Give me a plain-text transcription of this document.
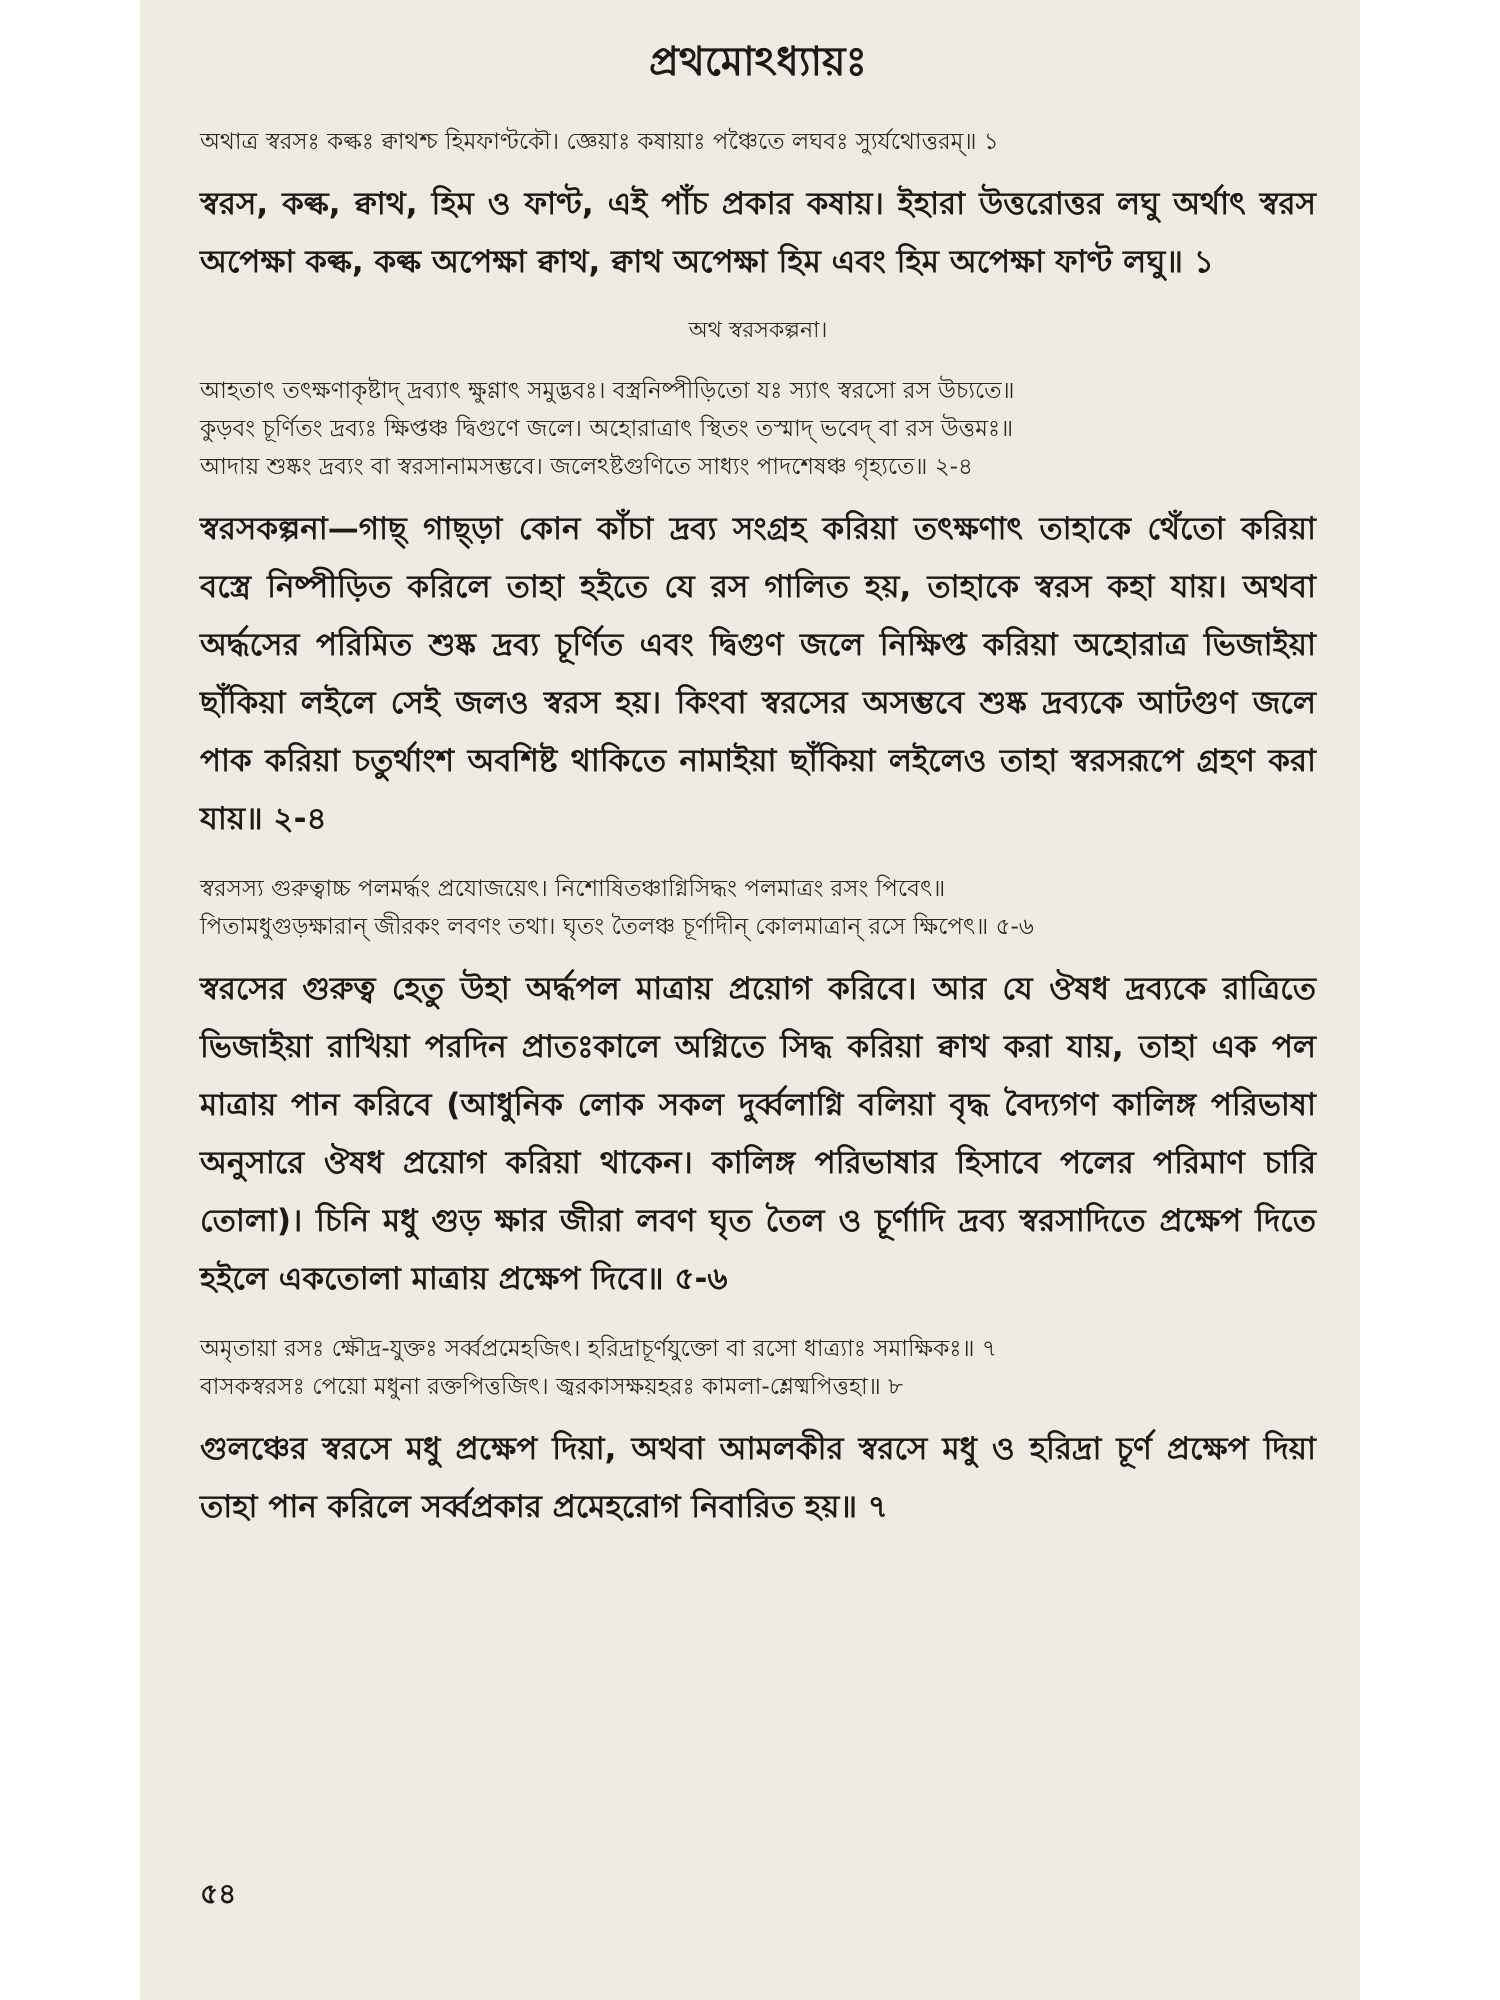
প্রথমোঽধ্যায়ঃ
অথাত্র স্বরসঃ কল্কঃ ক্বাথশ্চ হিমফাণ্টকৌ। জ্ঞেয়াঃ কষায়াঃ পঞ্চৈতে লঘবঃ স্যুর্যথোত্তরম্॥ ১
স্বরস, কল্ক, ক্বাথ, হিম ও ফাণ্ট, এই পাঁচ প্রকার কষায়। ইহারা উত্তরোত্তর লঘু অর্থাৎ স্বরস অপেক্ষা কল্ক, কল্ক অপেক্ষা ক্বাথ, ক্বাথ অপেক্ষা হিম এবং হিম অপেক্ষা ফাণ্ট লঘু॥ ১
অথ স্বরসকল্পনা।
আহতাৎ তৎক্ষণাকৃষ্টাদ্ দ্রব্যাৎ ক্ষুণ্ণাৎ সমুদ্ভবঃ। বস্ত্রনিষ্পীড়িতো যঃ স্যাৎ স্বরসো রস উচ্যতে॥
কুড়বং চূর্ণিতং দ্রব্যঃ ক্ষিপ্তঞ্চ দ্বিগুণে জলে। অহোরাত্রাৎ স্থিতং তস্মাদ্ ভবেদ্ বা রস উত্তমঃ॥
আদায় শুষ্কং দ্রব্যং বা স্বরসানামসম্ভবে। জলেঽষ্টগুণিতে সাধ্যং পাদশেষঞ্চ গৃহ্যতে॥ ২-৪
স্বরসকল্পনা—গাছ্ গাছ্ড়া কোন কাঁচা দ্রব্য সংগ্রহ করিয়া তৎক্ষণাৎ তাহাকে থেঁতো করিয়া বস্ত্রে নিষ্পীড়িত করিলে তাহা হইতে যে রস গালিত হয়, তাহাকে স্বরস কহা যায়। অথবা অর্দ্ধসের পরিমিত শুষ্ক দ্রব্য চূর্ণিত এবং দ্বিগুণ জলে নিক্ষিপ্ত করিয়া অহোরাত্র ভিজাইয়া ছাঁকিয়া লইলে সেই জলও স্বরস হয়। কিংবা স্বরসের অসম্ভবে শুষ্ক দ্রব্যকে আটগুণ জলে পাক করিয়া চতুর্থাংশ অবশিষ্ট থাকিতে নামাইয়া ছাঁকিয়া লইলেও তাহা স্বরসরূপে গ্রহণ করা যায়॥ ২-৪
স্বরসস্য গুরুত্বাচ্চ পলমর্দ্ধং প্রযোজয়েৎ। নিশোষিতঞ্চাগ্নিসিদ্ধং পলমাত্রং রসং পিবেৎ॥
পিতামধুগুড়ক্ষারান্ জীরকং লবণং তথা। ঘৃতং তৈলঞ্চ চূর্ণাদীন্ কোলমাত্রান্ রসে ক্ষিপেৎ॥ ৫-৬
স্বরসের গুরুত্ব হেতু উহা অর্দ্ধপল মাত্রায় প্রয়োগ করিবে। আর যে ঔষধ দ্রব্যকে রাত্রিতে ভিজাইয়া রাখিয়া পরদিন প্রাতঃকালে অগ্নিতে সিদ্ধ করিয়া ক্বাথ করা যায়, তাহা এক পল মাত্রায় পান করিবে (আধুনিক লোক সকল দুর্ব্বলাগ্নি বলিয়া বৃদ্ধ বৈদ্যগণ কালিঙ্গ পরিভাষা অনুসারে ঔষধ প্রয়োগ করিয়া থাকেন। কালিঙ্গ পরিভাষার হিসাবে পলের পরিমাণ চারি তোলা)। চিনি মধু গুড় ক্ষার জীরা লবণ ঘৃত তৈল ও চূর্ণাদি দ্রব্য স্বরসাদিতে প্রক্ষেপ দিতে হইলে একতোলা মাত্রায় প্রক্ষেপ দিবে॥ ৫-৬
অমৃতায়া রসঃ ক্ষৌদ্র-যুক্তঃ সর্ব্বপ্রমেহজিৎ। হরিদ্রাচূর্ণযুক্তো বা রসো ধাত্র্যাঃ সমাক্ষিকঃ॥ ৭
বাসকস্বরসঃ পেয়ো মধুনা রক্তপিত্তজিৎ। জ্বরকাসক্ষয়হরঃ কামলা-শ্লেষ্মপিত্তহা॥ ৮
গুলঞ্চের স্বরসে মধু প্রক্ষেপ দিয়া, অথবা আমলকীর স্বরসে মধু ও হরিদ্রা চূর্ণ প্রক্ষেপ দিয়া তাহা পান করিলে সর্ব্বপ্রকার প্রমেহরোগ নিবারিত হয়॥ ৭
৫৪
